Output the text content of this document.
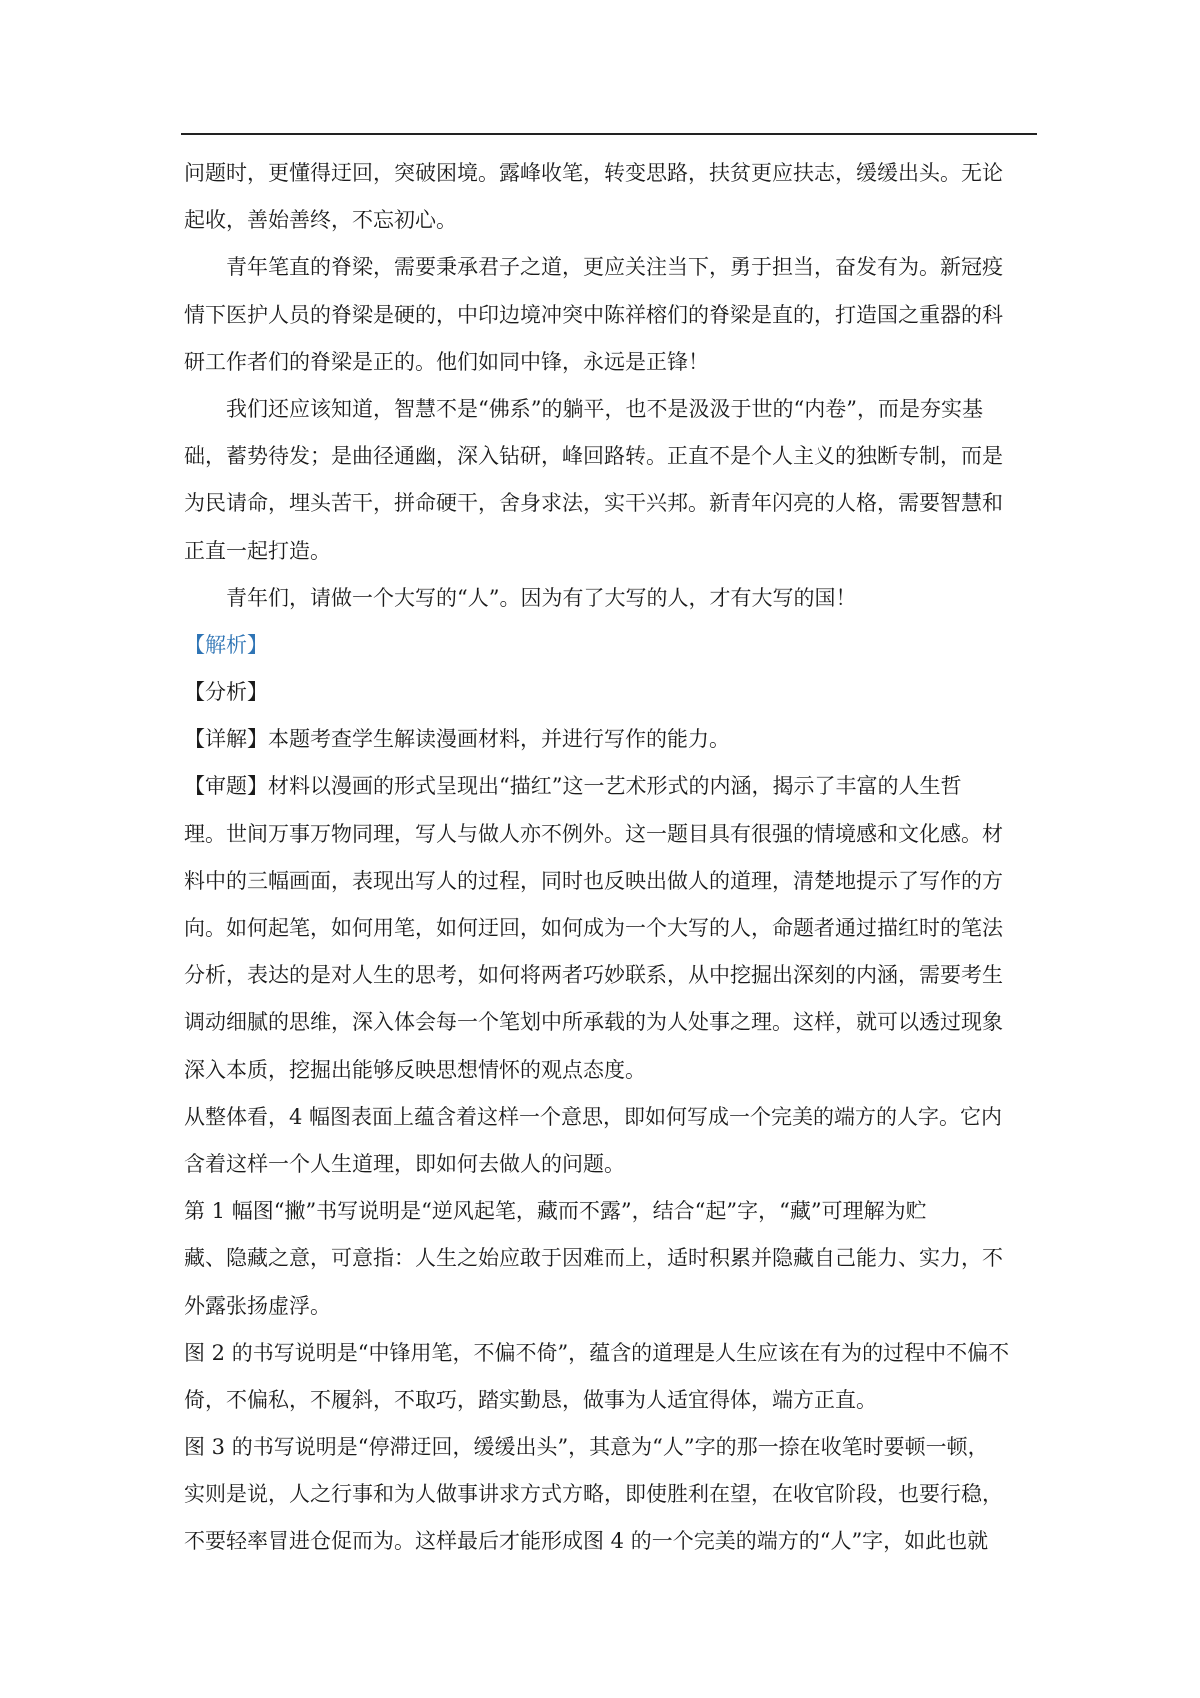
问题时，更懂得迂回，突破困境。露峰收笔，转变思路，扶贫更应扶志，缓缓出头。无论
起收，善始善终，不忘初心。
青年笔直的脊梁，需要秉承君子之道，更应关注当下，勇于担当，奋发有为。新冠疫
情下医护人员的脊梁是硬的，中印边境冲突中陈祥榕们的脊梁是直的，打造国之重器的科
研工作者们的脊梁是正的。他们如同中锋，永远是正锋！
我们还应该知道，智慧不是“佛系”的躺平，也不是汲汲于世的“内卷”，而是夯实基
础，蓄势待发；是曲径通幽，深入钻研，峰回路转。正直不是个人主义的独断专制，而是
为民请命，埋头苦干，拼命硬干，舍身求法，实干兴邦。新青年闪亮的人格，需要智慧和
正直一起打造。
青年们，请做一个大写的“人”。因为有了大写的人，才有大写的国！
【解析】
【分析】
【详解】本题考查学生解读漫画材料，并进行写作的能力。
【审题】材料以漫画的形式呈现出“描红”这一艺术形式的内涵，揭示了丰富的人生哲
理。世间万事万物同理，写人与做人亦不例外。这一题目具有很强的情境感和文化感。材
料中的三幅画面，表现出写人的过程，同时也反映出做人的道理，清楚地提示了写作的方
向。如何起笔，如何用笔，如何迂回，如何成为一个大写的人，命题者通过描红时的笔法
分析，表达的是对人生的思考，如何将两者巧妙联系，从中挖掘出深刻的内涵，需要考生
调动细腻的思维，深入体会每一个笔划中所承载的为人处事之理。这样，就可以透过现象
深入本质，挖掘出能够反映思想情怀的观点态度。
从整体看，4 幅图表面上蕴含着这样一个意思，即如何写成一个完美的端方的人字。它内
含着这样一个人生道理，即如何去做人的问题。
第 1 幅图“撇”书写说明是“逆风起笔，藏而不露”，结合“起”字，“藏”可理解为贮
藏、隐藏之意，可意指：人生之始应敢于因难而上，适时积累并隐藏自己能力、实力，不
外露张扬虚浮。
图 2 的书写说明是“中锋用笔，不偏不倚”，蕴含的道理是人生应该在有为的过程中不偏不
倚，不偏私，不履斜，不取巧，踏实勤恳，做事为人适宜得体，端方正直。
图 3 的书写说明是“停滞迂回，缓缓出头”，其意为“人”字的那一捺在收笔时要顿一顿，
实则是说，人之行事和为人做事讲求方式方略，即使胜利在望，在收官阶段，也要行稳，
不要轻率冒进仓促而为。这样最后才能形成图 4 的一个完美的端方的“人”字，如此也就
